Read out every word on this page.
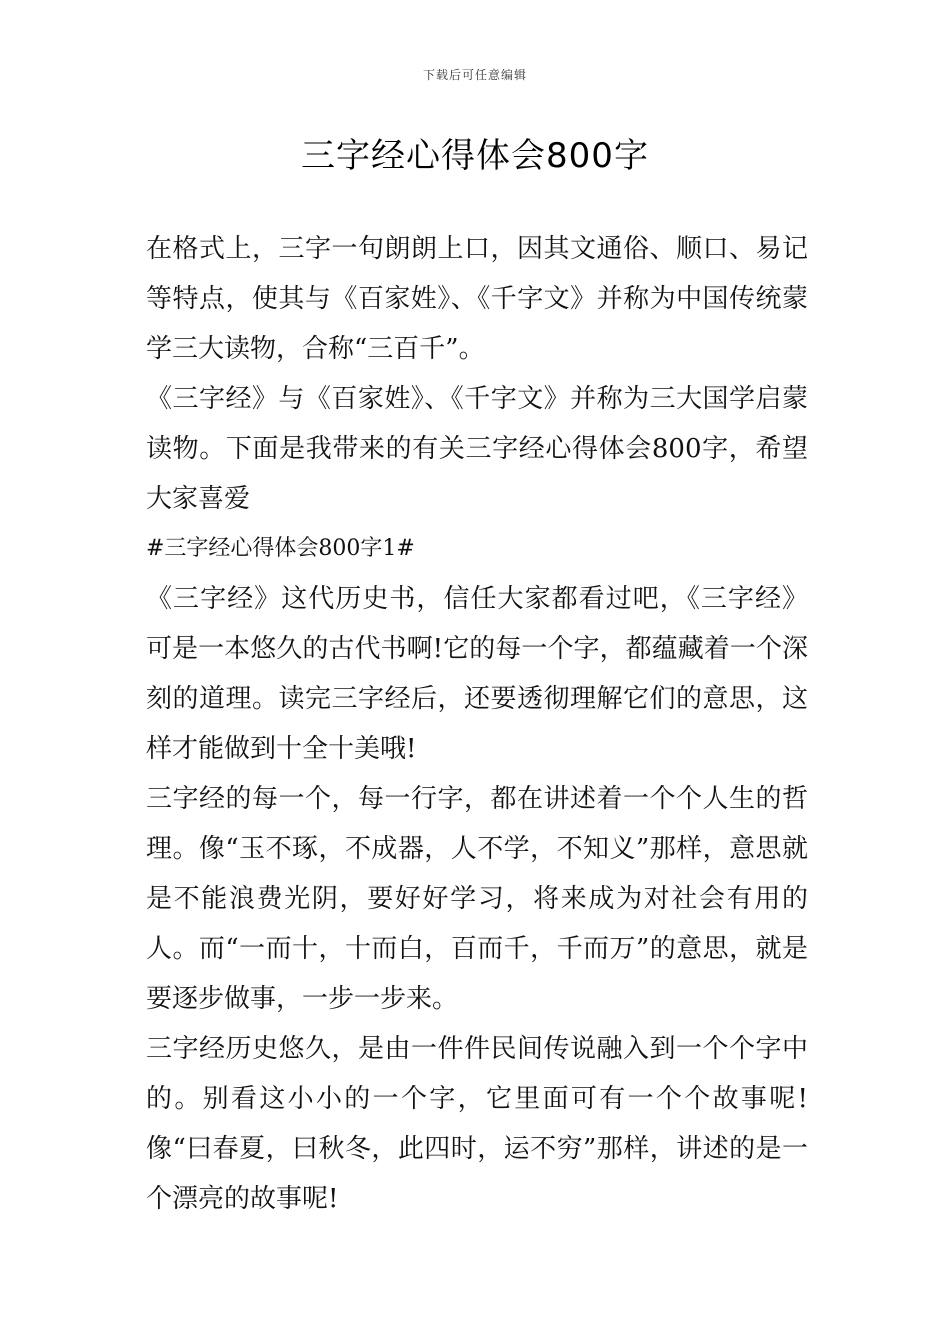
下载后可任意编辑
三字经心得体会800字

在格式上，三字一句朗朗上口，因其文通俗、顺口、易记等特点，使其与《百家姓》、《千字文》并称为中国传统蒙学三大读物，合称“三百千”。

《三字经》与《百家姓》、《千字文》并称为三大国学启蒙读物。下面是我带来的有关三字经心得体会800字，希望大家喜爱

#三字经心得体会800字1#

《三字经》这代历史书，信任大家都看过吧，《三字经》可是一本悠久的古代书啊!它的每一个字，都蕴藏着一个深刻的道理。读完三字经后，还要透彻理解它们的意思，这样才能做到十全十美哦!

三字经的每一个，每一行字，都在讲述着一个个人生的哲理。像“玉不琢，不成器，人不学，不知义”那样，意思就是不能浪费光阴，要好好学习，将来成为对社会有用的人。而“一而十，十而白，百而千，千而万”的意思，就是要逐步做事，一步一步来。

三字经历史悠久，是由一件件民间传说融入到一个个字中的。别看这小小的一个字，它里面可有一个个故事呢!像“曰春夏，曰秋冬，此四时，运不穷”那样，讲述的是一个漂亮的故事呢!
